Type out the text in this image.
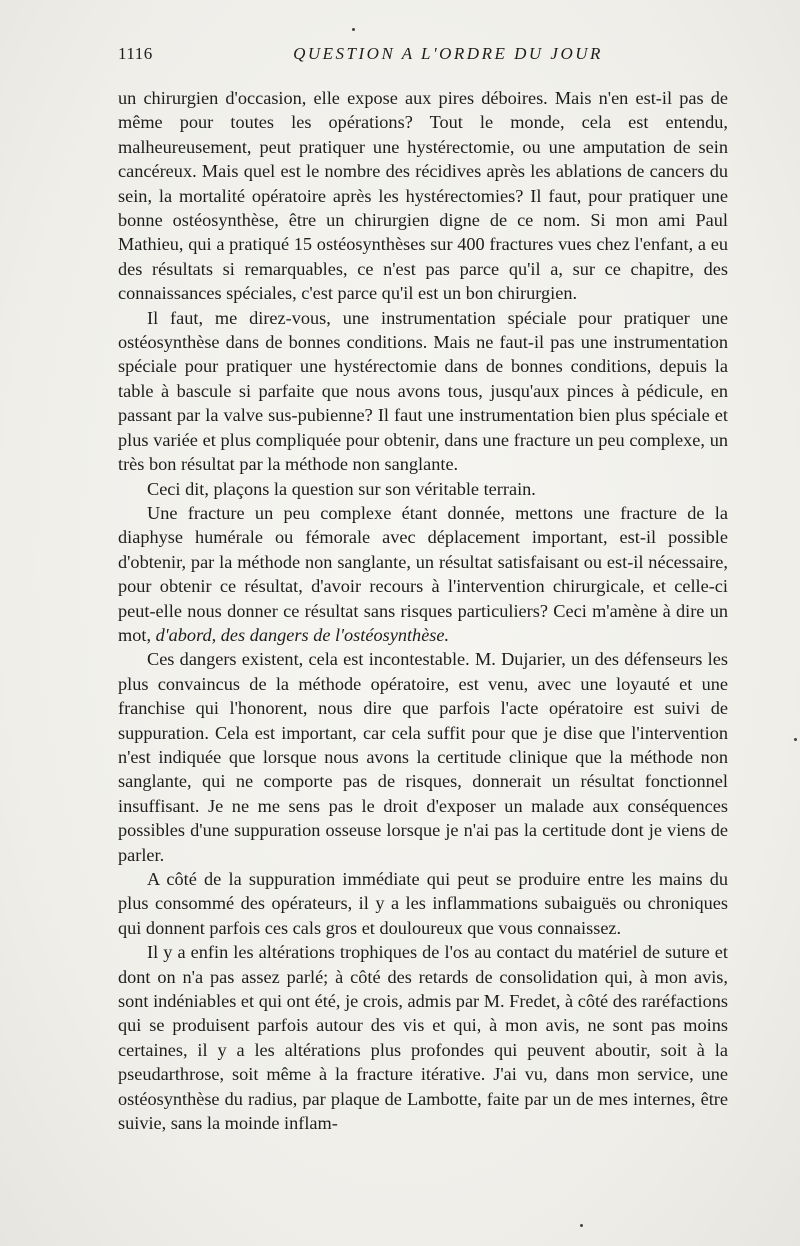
1116	QUESTION A L'ORDRE DU JOUR

un chirurgien d'occasion, elle expose aux pires déboires. Mais n'en est-il pas de même pour toutes les opérations? Tout le monde, cela est entendu, malheureusement, peut pratiquer une hystérectomie, ou une amputation de sein cancéreux. Mais quel est le nombre des récidives après les ablations de cancers du sein, la mortalité opératoire après les hystérectomies? Il faut, pour pratiquer une bonne ostéosynthèse, être un chirurgien digne de ce nom. Si mon ami Paul Mathieu, qui a pratiqué 15 ostéosynthèses sur 400 fractures vues chez l'enfant, a eu des résultats si remarquables, ce n'est pas parce qu'il a, sur ce chapitre, des connaissances spéciales, c'est parce qu'il est un bon chirurgien.

Il faut, me direz-vous, une instrumentation spéciale pour pratiquer une ostéosynthèse dans de bonnes conditions. Mais ne faut-il pas une instrumentation spéciale pour pratiquer une hystérectomie dans de bonnes conditions, depuis la table à bascule si parfaite que nous avons tous, jusqu'aux pinces à pédicule, en passant par la valve sus-pubienne? Il faut une instrumentation bien plus spéciale et plus variée et plus compliquée pour obtenir, dans une fracture un peu complexe, un très bon résultat par la méthode non sanglante.

Ceci dit, plaçons la question sur son véritable terrain.

Une fracture un peu complexe étant donnée, mettons une fracture de la diaphyse humérale ou fémorale avec déplacement important, est-il possible d'obtenir, par la méthode non sanglante, un résultat satisfaisant ou est-il nécessaire, pour obtenir ce résultat, d'avoir recours à l'intervention chirurgicale, et celle-ci peut-elle nous donner ce résultat sans risques particuliers? Ceci m'amène à dire un mot, d'abord, des dangers de l'ostéosynthèse.

Ces dangers existent, cela est incontestable. M. Dujarier, un des défenseurs les plus convaincus de la méthode opératoire, est venu, avec une loyauté et une franchise qui l'honorent, nous dire que parfois l'acte opératoire est suivi de suppuration. Cela est important, car cela suffit pour que je dise que l'intervention n'est indiquée que lorsque nous avons la certitude clinique que la méthode non sanglante, qui ne comporte pas de risques, donnerait un résultat fonctionnel insuffisant. Je ne me sens pas le droit d'exposer un malade aux conséquences possibles d'une suppuration osseuse lorsque je n'ai pas la certitude dont je viens de parler.

A côté de la suppuration immédiate qui peut se produire entre les mains du plus consommé des opérateurs, il y a les inflammations subaiguës ou chroniques qui donnent parfois ces cals gros et douloureux que vous connaissez.

Il y a enfin les altérations trophiques de l'os au contact du matériel de suture et dont on n'a pas assez parlé; à côté des retards de consolidation qui, à mon avis, sont indéniables et qui ont été, je crois, admis par M. Fredet, à côté des raréfactions qui se produisent parfois autour des vis et qui, à mon avis, ne sont pas moins certaines, il y a les altérations plus profondes qui peuvent aboutir, soit à la pseudarthrose, soit même à la fracture itérative. J'ai vu, dans mon service, une ostéosynthèse du radius, par plaque de Lambotte, faite par un de mes internes, être suivie, sans la moinde inflam-
